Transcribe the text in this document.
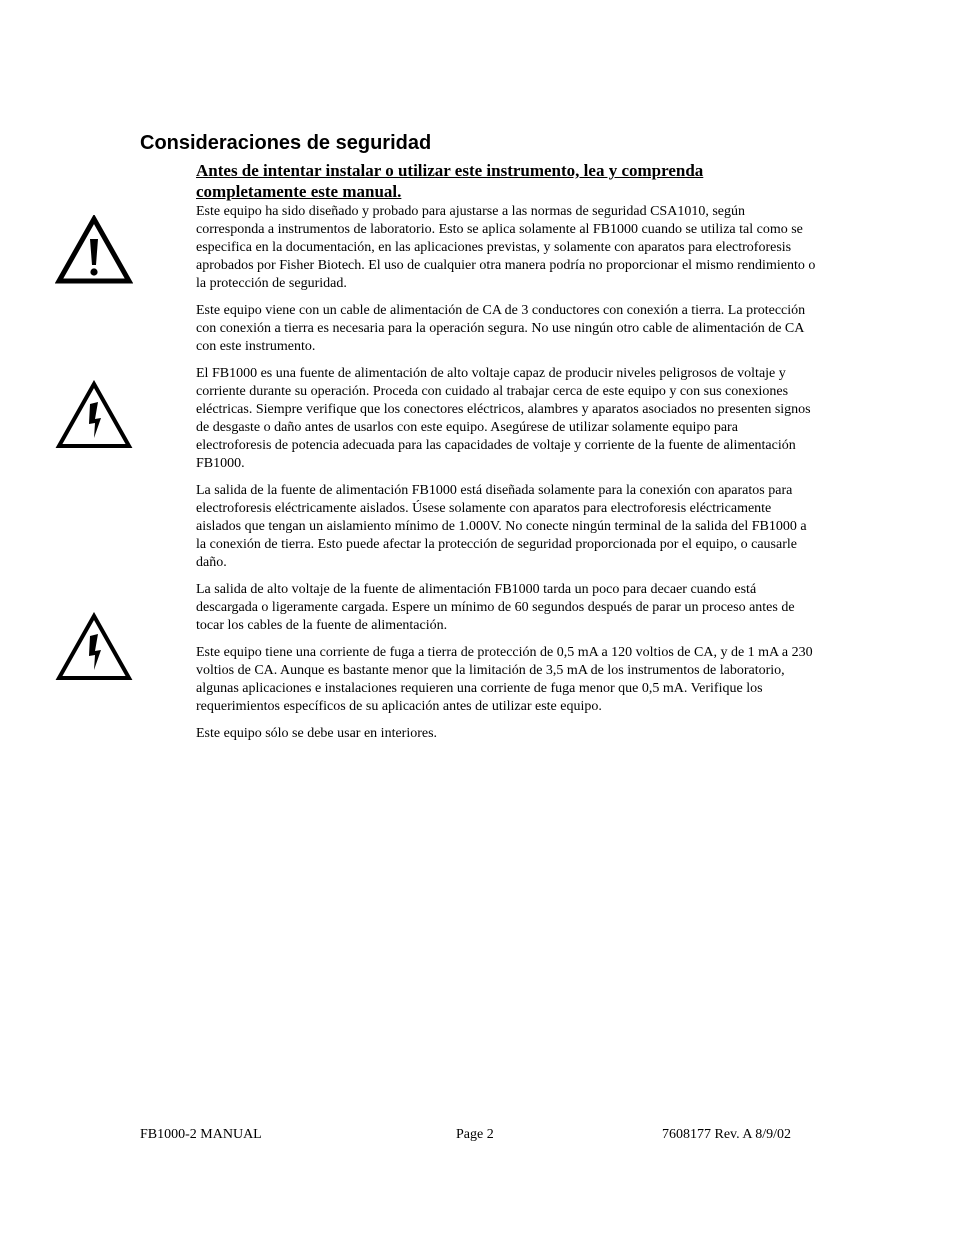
Consideraciones de seguridad
Antes de intentar instalar o utilizar este instrumento, lea y comprenda completamente este manual.

Este equipo ha sido diseñado y probado para ajustarse a las normas de seguridad CSA1010, según corresponda a instrumentos de laboratorio. Esto se aplica solamente al FB1000 cuando se utiliza tal como se especifica en la documentación, en las aplicaciones previstas, y solamente con aparatos para electroforesis aprobados por Fisher Biotech. El uso de cualquier otra manera podría no proporcionar el mismo rendimiento o la protección de seguridad.

Este equipo viene con un cable de alimentación de CA de 3 conductores con conexión a tierra. La protección con conexión a tierra es necesaria para la operación segura. No use ningún otro cable de alimentación de CA con este instrumento.

El FB1000 es una fuente de alimentación de alto voltaje capaz de producir niveles peligrosos de voltaje y corriente durante su operación. Proceda con cuidado al trabajar cerca de este equipo y con sus conexiones eléctricas. Siempre verifique que los conectores eléctricos, alambres y aparatos asociados no presenten signos de desgaste o daño antes de usarlos con este equipo. Asegúrese de utilizar solamente equipo para electroforesis de potencia adecuada para las capacidades de voltaje y corriente de la fuente de alimentación FB1000.

La salida de la fuente de alimentación FB1000 está diseñada solamente para la conexión con aparatos para electroforesis eléctricamente aislados. Úsese solamente con aparatos para electroforesis eléctricamente aislados que tengan un aislamiento mínimo de 1.000V. No conecte ningún terminal de la salida del FB1000 a la conexión de tierra. Esto puede afectar la protección de seguridad proporcionada por el equipo, o causarle daño.

La salida de alto voltaje de la fuente de alimentación FB1000 tarda un poco para decaer cuando está descargada o ligeramente cargada. Espere un mínimo de 60 segundos después de parar un proceso antes de tocar los cables de la fuente de alimentación.

Este equipo tiene una corriente de fuga a tierra de protección de 0,5 mA a 120 voltios de CA, y de 1 mA a 230 voltios de CA. Aunque es bastante menor que la limitación de 3,5 mA de los instrumentos de laboratorio, algunas aplicaciones e instalaciones requieren una corriente de fuga menor que 0,5 mA. Verifique los requerimientos específicos de su aplicación antes de utilizar este equipo.

Este equipo sólo se debe usar en interiores.

FB1000-2 MANUAL	Page 2	7608177 Rev. A 8/9/02
